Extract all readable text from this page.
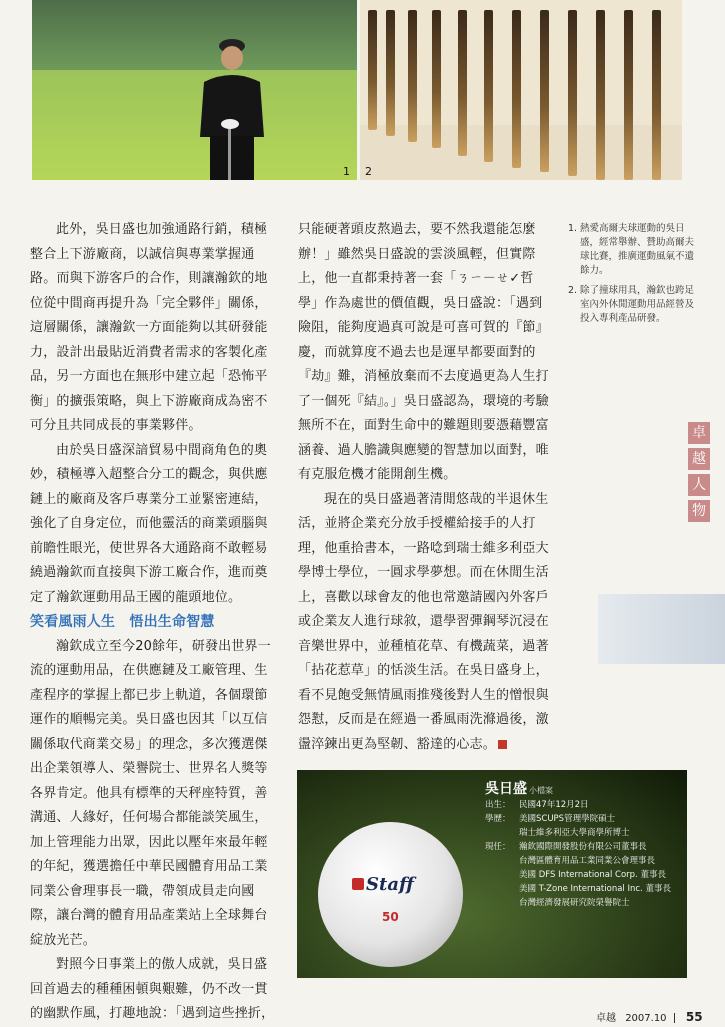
1 2

此外，吳日盛也加強通路行銷，積極整合上下游廠商，以誠信與專業掌握通路。而與下游客戶的合作，則讓瀚欽的地位從中間商再提升為「完全夥伴」關係，這層關係，讓瀚欽一方面能夠以其研發能力，設計出最貼近消費者需求的客製化產品，另一方面也在無形中建立起「恐怖平衡」的擴張策略，與上下游廠商成為密不可分且共同成長的事業夥伴。

由於吳日盛深諳貿易中間商角色的奧妙，積極導入超整合分工的觀念，與供應鏈上的廠商及客戶專業分工並緊密連結，強化了自身定位，而他靈活的商業頭腦與前瞻性眼光，使世界各大通路商不敢輕易繞過瀚欽而直接與下游工廠合作，進而奠定了瀚欽運動用品王國的龍頭地位。

笑看風雨人生　悟出生命智慧

瀚欽成立至今20餘年，研發出世界一流的運動用品，在供應鏈及工廠管理、生產程序的掌握上都已步上軌道，各個環節運作的順暢完美。吳日盛也因其「以互信關係取代商業交易」的理念，多次獲選傑出企業領導人、榮譽院士、世界名人獎等各界肯定。他具有標準的天秤座特質，善溝通、人緣好，任何場合都能談笑風生，加上管理能力出眾，因此以壓年來最年輕的年紀，獲選擔任中華民國體育用品工業同業公會理事長一職，帶領成員走向國際，讓台灣的體育用品產業站上全球舞台綻放光芒。

對照今日事業上的傲人成就，吳日盛回首過去的種種困頓與艱難，仍不改一貫的幽默作風，打趣地說：「遇到這些挫折，

只能硬著頭皮熬過去，要不然我還能怎麼辦！」雖然吳日盛說的雲淡風輕，但實際上，他一直都秉持著一套「ㄋㄧ－ㄝ✓哲學」作為處世的價值觀，吳日盛說：「遇到險阻，能夠度過真可說是可喜可賀的『節』慶，而就算度不過去也是運早都要面對的『劫』難，消極放棄而不去度過更為人生打了一個死『結』。」吳日盛認為，環境的考驗無所不在，面對生命中的難題則要憑藉豐富涵養、過人膽識與應變的智慧加以面對，唯有克服危機才能開創生機。

現在的吳日盛過著清閒悠哉的半退休生活，並將企業充分放手授權給接手的人打理，他重拾書本，一路唸到瑞士維多利亞大學博士學位，一圓求學夢想。而在休閒生活上，喜歡以球會友的他也常邀請國內外客戶或企業友人進行球敘，還學習彈鋼琴沉浸在音樂世界中，並種植花草、有機蔬菜，過著「拈花惹草」的恬淡生活。在吳日盛身上，看不見飽受無情風雨推殘後對人生的憎恨與怨懟，反而是在經過一番風雨洗滌過後，激盪淬鍊出更為堅韌、豁達的心志。

1. 熱愛高爾夫球運動的吳日盛，經常舉辦、贊助高爾夫球比賽，推廣運動風氣不遺餘力。
2. 除了撞球用具，瀚欽也跨足室內外休閒運動用品經營及投入專利產品研發。
卓
越
人
物
Staff
50
吳日盛 小檔案
出生： 民國47年12月2日
學歷： 美國SCUPS管理學院碩士
瑞士維多利亞大學商學所博士
現任： 瀚欽國際開發股份有限公司董事長
台灣區體育用品工業同業公會理事長
美國 DFS International Corp. 董事長
美國 T-Zone International Inc. 董事長
台灣經濟發展研究院榮譽院士
卓越 2007.10 55
